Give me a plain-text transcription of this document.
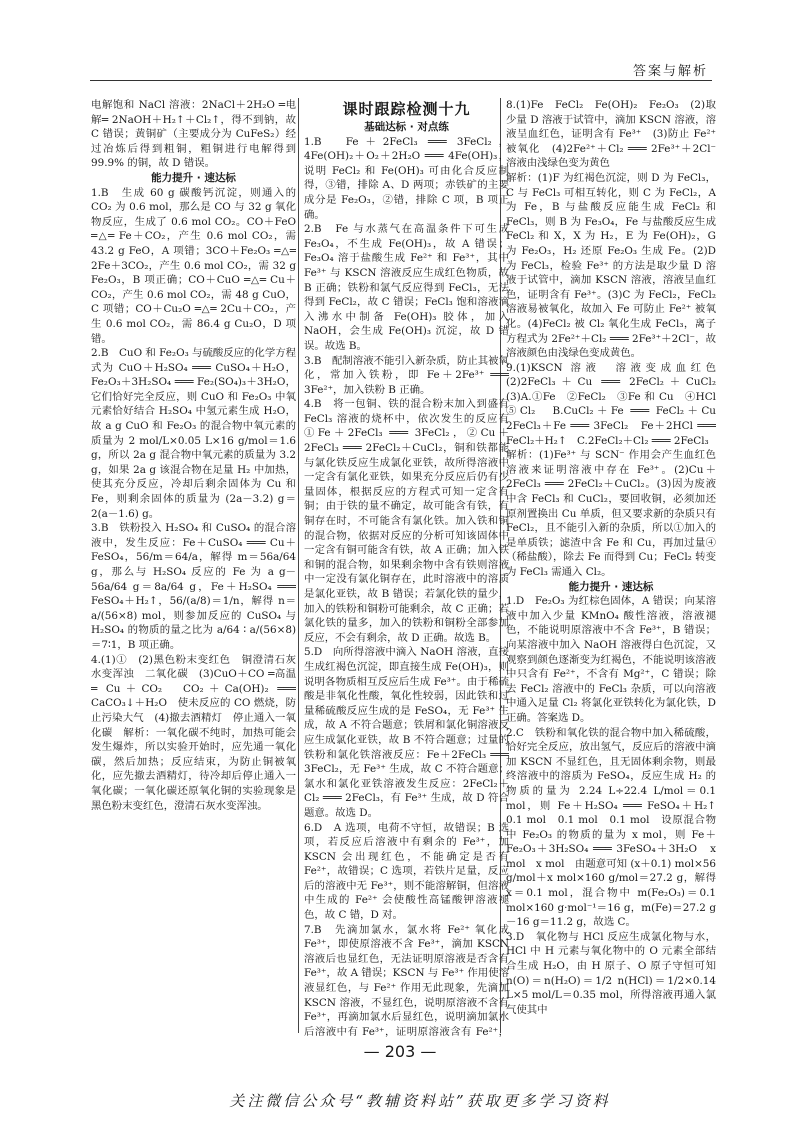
答案与解析

电解饱和 NaCl 溶液：2NaCl＋2H₂O ═电解═ 2NaOH＋H₂↑＋Cl₂↑，得不到钠，故 C 错误；黄铜矿（主要成分为 CuFeS₂）经过冶炼后得到粗铜，粗铜进行电解得到 99.9% 的铜，故 D 错误。

能力提升 · 速达标

1.B　生成 60 g 碳酸钙沉淀，则通入的 CO₂ 为 0.6 mol，那么是 CO 与 32 g 氧化物反应，生成了 0.6 mol CO₂。CO＋FeO ═△═ Fe＋CO₂，产生 0.6 mol CO₂，需 43.2 g FeO，A 项错；3CO＋Fe₂O₃ ═△═ 2Fe＋3CO₂，产生 0.6 mol CO₂，需 32 g Fe₂O₃，B 项正确；CO＋CuO ═△═ Cu＋CO₂，产生 0.6 mol CO₂，需 48 g CuO，C 项错；CO＋Cu₂O ═△═ 2Cu＋CO₂，产生 0.6 mol CO₂，需 86.4 g Cu₂O，D 项错。

2.B　CuO 和 Fe₂O₃ 与硫酸反应的化学方程式为 CuO＋H₂SO₄ ═══ CuSO₄＋H₂O，Fe₂O₃＋3H₂SO₄ ═══ Fe₂(SO₄)₃＋3H₂O，它们恰好完全反应，则 CuO 和 Fe₂O₃ 中氧元素恰好结合 H₂SO₄ 中氢元素生成 H₂O，故 a g CuO 和 Fe₂O₃ 的混合物中氧元素的质量为 2 mol/L×0.05 L×16 g/mol＝1.6 g，所以 2a g 混合物中氧元素的质量为 3.2 g，如果 2a g 该混合物在足量 H₂ 中加热，使其充分反应，冷却后剩余固体为 Cu 和 Fe，则剩余固体的质量为 (2a－3.2) g＝2(a－1.6) g。

3.B　铁粉投入 H₂SO₄ 和 CuSO₄ 的混合溶液中，发生反应：Fe＋CuSO₄ ═══ Cu＋FeSO₄，56/m＝64/a，解得 m＝56a/64 g，那么与 H₂SO₄ 反应的 Fe 为 a g－56a/64 g＝8a/64 g，Fe＋H₂SO₄ ═══ FeSO₄＋H₂↑，56/(a/8)＝1/n，解得 n＝a/(56×8) mol，则参加反应的 CuSO₄ 与 H₂SO₄ 的物质的量之比为 a/64 ∶ a/(56×8)＝7∶1，B 项正确。

4.(1)①　(2)黑色粉末变红色　铜澄清石灰水变浑浊　二氧化碳　(3)CuO＋CO ═高温═ Cu＋CO₂　CO₂＋Ca(OH)₂ ═══ CaCO₃↓＋H₂O　使未反应的 CO 燃烧，防止污染大气　(4)撤去酒精灯　停止通入一氧化碳　解析：一氧化碳不纯时，加热可能会发生爆炸，所以实验开始时，应先通一氧化碳，然后加热；反应结束，为防止铜被氧化，应先撤去酒精灯，待冷却后停止通入一氧化碳；一氧化碳还原氧化铜的实验现象是黑色粉末变红色，澄清石灰水变浑浊。

课时跟踪检测十九

基础达标 · 对点练

1.B　Fe＋2FeCl₃ ═══ 3FeCl₂，4Fe(OH)₂＋O₂＋2H₂O ═══ 4Fe(OH)₃，说明 FeCl₂ 和 Fe(OH)₃ 可由化合反应制得，③错，排除 A、D 两项；赤铁矿的主要成分是 Fe₂O₃，②错，排除 C 项，B 项正确。

2.B　Fe 与水蒸气在高温条件下可生成 Fe₃O₄，不生成 Fe(OH)₃，故 A 错误；Fe₃O₄ 溶于盐酸生成 Fe²⁺ 和 Fe³⁺，其中 Fe³⁺ 与 KSCN 溶液反应生成红色物质，故 B 正确；铁粉和氯气反应得到 FeCl₃，无法得到 FeCl₂，故 C 错误；FeCl₃ 饱和溶液滴入沸水中制备 Fe(OH)₃ 胶体，加入 NaOH，会生成 Fe(OH)₃ 沉淀，故 D 错误。故选 B。

3.B　配制溶液不能引入新杂质，防止其被氧化，常加入铁粉，即 Fe＋2Fe³⁺ ═══ 3Fe²⁺，加入铁粉 B 正确。

4.B　将一包铜、铁的混合粉末加入到盛有 FeCl₃ 溶液的烧杯中，依次发生的反应有 ①Fe＋2FeCl₃ ═══ 3FeCl₂，②Cu＋2FeCl₃ ═══ 2FeCl₂＋CuCl₂，铜和铁都能与氯化铁反应生成氯化亚铁，故所得溶液中一定含有氯化亚铁，如果充分反应后仍有少量固体，根据反应的方程式可知一定含有铜；由于铁的量不确定，故可能含有铁，有铜存在时，不可能含有氯化铁。加入铁和铜的混合物，依据对反应的分析可知该固体中一定含有铜可能含有铁，故 A 正确；加入铁和铜的混合物，如果剩余物中含有铁则溶液中一定没有氯化铜存在，此时溶液中的溶质是氯化亚铁，故 B 错误；若氯化铁的量少，加入的铁粉和铜粉可能剩余，故 C 正确；若氯化铁的量多，加入的铁粉和铜粉全部参加反应，不会有剩余，故 D 正确。故选 B。

5.D　向所得溶液中滴入 NaOH 溶液，直接生成红褐色沉淀，即直接生成 Fe(OH)₃，则说明各物质相互反应后生成 Fe³⁺。由于稀硫酸是非氧化性酸，氧化性较弱，因此铁和过量稀硫酸反应生成的是 FeSO₄，无 Fe³⁺ 生成，故 A 不符合题意；铁屑和氯化铜溶液反应生成氯化亚铁，故 B 不符合题意；过量的铁粉和氯化铁溶液反应：Fe＋2FeCl₃ ═══ 3FeCl₂，无 Fe³⁺ 生成，故 C 不符合题意；氯水和氯化亚铁溶液发生反应：2FeCl₂＋Cl₂ ═══ 2FeCl₃，有 Fe³⁺ 生成，故 D 符合题意。故选 D。

6.D　A 选项，电荷不守恒，故错误；B 选项，若反应后溶液中有剩余的 Fe³⁺，加 KSCN 会出现红色，不能确定是否有 Fe²⁺，故错误；C 选项，若铁片足量，反应后的溶液中无 Fe³⁺，则不能溶解铜，但溶液中生成的 Fe²⁺ 会使酸性高锰酸钾溶液褪色，故 C 错，D 对。

7.B　先滴加氯水，氯水将 Fe²⁺ 氧化成 Fe³⁺，即使原溶液不含 Fe³⁺，滴加 KSCN 溶液后也显红色，无法证明原溶液是否含有 Fe³⁺，故 A 错误；KSCN 与 Fe³⁺ 作用使溶液显红色，与 Fe²⁺ 作用无此现象，先滴加 KSCN 溶液，不显红色，说明原溶液不含有 Fe³⁺，再滴加氯水后显红色，说明滴加氯水后溶液中有 Fe³⁺，证明原溶液含有 Fe²⁺，

8.(1)Fe　FeCl₂　Fe(OH)₂　Fe₂O₃　(2)取少量 D 溶液于试管中，滴加 KSCN 溶液，溶液呈血红色，证明含有 Fe³⁺　(3)防止 Fe²⁺ 被氧化　(4)2Fe²⁺＋Cl₂ ═══ 2Fe³⁺＋2Cl⁻　溶液由浅绿色变为黄色

解析：(1)F 为红褐色沉淀，则 D 为 FeCl₃，C 与 FeCl₃ 可相互转化，则 C 为 FeCl₂，A 为 Fe，B 与盐酸反应能生成 FeCl₂ 和 FeCl₃，则 B 为 Fe₃O₄，Fe 与盐酸反应生成 FeCl₂ 和 X，X 为 H₂，E 为 Fe(OH)₂，G 为 Fe₂O₃，H₂ 还原 Fe₂O₃ 生成 Fe。(2)D 为 FeCl₃，检验 Fe³⁺ 的方法是取少量 D 溶液于试管中，滴加 KSCN 溶液，溶液呈血红色，证明含有 Fe³⁺。(3)C 为 FeCl₂，FeCl₂ 溶液易被氧化，故加入 Fe 可防止 Fe²⁺ 被氧化。(4)FeCl₂ 被 Cl₂ 氧化生成 FeCl₃，离子方程式为 2Fe²⁺＋Cl₂ ═══ 2Fe³⁺＋2Cl⁻，故溶液颜色由浅绿色变成黄色。

9.(1)KSCN 溶液　溶液变成血红色　(2)2FeCl₃＋Cu ═══ 2FeCl₂＋CuCl₂　(3)A.①Fe　②FeCl₂　③Fe 和 Cu　④HCl　⑤Cl₂　B.CuCl₂＋Fe ═══ FeCl₂＋Cu　2FeCl₃＋Fe ═══ 3FeCl₂　Fe＋2HCl ═══ FeCl₂＋H₂↑　C.2FeCl₂＋Cl₂ ═══ 2FeCl₃

解析：(1)Fe³⁺ 与 SCN⁻ 作用会产生血红色溶液来证明溶液中存在 Fe³⁺。(2)Cu＋2FeCl₃ ═══ 2FeCl₂＋CuCl₂。(3)因为废液中含 FeCl₃ 和 CuCl₂，要回收铜，必须加还原剂置换出 Cu 单质，但又要求新的杂质只有 FeCl₂，且不能引入新的杂质，所以①加入的是单质铁；滤渣中含 Fe 和 Cu，再加过量④（稀盐酸），除去 Fe 而得到 Cu；FeCl₂ 转变为 FeCl₃ 需通入 Cl₂。

能力提升 · 速达标

1.D　Fe₂O₃ 为红棕色固体，A 错误；向某溶液中加入少量 KMnO₄ 酸性溶液，溶液褪色，不能说明原溶液中不含 Fe³⁺，B 错误；向某溶液中加入 NaOH 溶液得白色沉淀，又观察到颜色逐渐变为红褐色，不能说明该溶液中只含有 Fe²⁺，不含有 Mg²⁺，C 错误；除去 FeCl₂ 溶液中的 FeCl₃ 杂质，可以向溶液中通入足量 Cl₂ 将氯化亚铁转化为氯化铁，D 正确。答案选 D。

2.C　铁粉和氧化铁的混合物中加入稀硫酸，恰好完全反应，放出氢气，反应后的溶液中滴加 KSCN 不显红色，且无固体剩余物，则最终溶液中的溶质为 FeSO₄，反应生成 H₂ 的物质的量为 2.24 L÷22.4 L/mol＝0.1 mol，则 Fe＋H₂SO₄ ═══ FeSO₄＋H₂↑　0.1 mol　0.1 mol　0.1 mol　设原混合物中 Fe₂O₃ 的物质的量为 x mol，则 Fe＋Fe₂O₃＋3H₂SO₄ ═══ 3FeSO₄＋3H₂O　x mol　x mol　由题意可知 (x＋0.1) mol×56 g/mol＋x mol×160 g/mol＝27.2 g，解得 x＝0.1 mol，混合物中 m(Fe₂O₃)＝0.1 mol×160 g·mol⁻¹＝16 g，m(Fe)＝27.2 g－16 g＝11.2 g，故选 C。

3.D　氧化物与 HCl 反应生成氯化物与水，HCl 中 H 元素与氧化物中的 O 元素全部结合生成 H₂O，由 H 原子、O 原子守恒可知 n(O)＝n(H₂O)＝1/2 n(HCl)＝1/2×0.14 L×5 mol/L＝0.35 mol，所得溶液再通入氯气使其中

— 203 —
关注微信公众号“教辅资料站”获取更多学习资料
